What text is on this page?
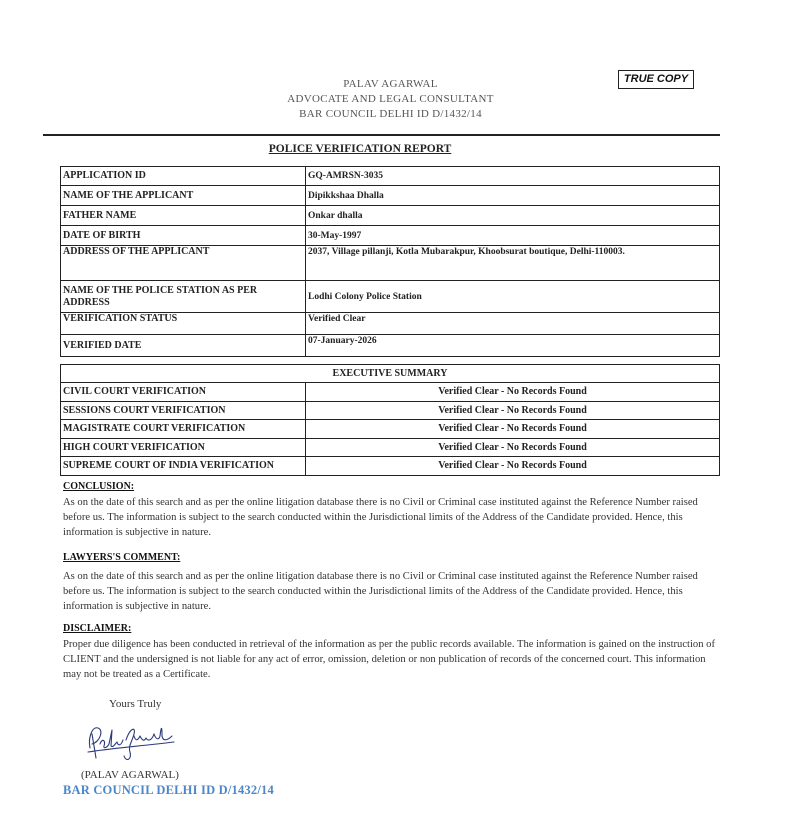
PALAV AGARWAL
ADVOCATE AND LEGAL CONSULTANT
BAR COUNCIL DELHI ID D/1432/14
TRUE COPY
POLICE VERIFICATION REPORT
APPLICATION ID	GQ-AMRSN-3035
NAME OF THE APPLICANT	Dipikkshaa Dhalla
FATHER NAME	Onkar dhalla
DATE OF BIRTH	30-May-1997
ADDRESS OF THE APPLICANT	2037, Village pillanji, Kotla Mubarakpur, Khoobsurat boutique, Delhi-110003.
NAME OF THE POLICE STATION AS PER ADDRESS	Lodhi Colony Police Station
VERIFICATION STATUS	Verified Clear
VERIFIED DATE	07-January-2026
EXECUTIVE SUMMARY	
CIVIL COURT VERIFICATION	Verified Clear - No Records Found
SESSIONS COURT VERIFICATION	Verified Clear - No Records Found
MAGISTRATE COURT VERIFICATION	Verified Clear - No Records Found
HIGH COURT VERIFICATION	Verified Clear - No Records Found
SUPREME COURT OF INDIA VERIFICATION	Verified Clear - No Records Found
CONCLUSION:
As on the date of this search and as per the online litigation database there is no Civil or Criminal case instituted against the Reference Number raised before us. The information is subject to the search conducted within the Jurisdictional limits of the Address of the Candidate provided. Hence, this information is subjective in nature.
LAWYERS'S COMMENT:
As on the date of this search and as per the online litigation database there is no Civil or Criminal case instituted against the Reference Number raised before us. The information is subject to the search conducted within the Jurisdictional limits of the Address of the Candidate provided. Hence, this information is subjective in nature.
DISCLAIMER:
Proper due diligence has been conducted in retrieval of the information as per the public records available. The information is gained on the instruction of CLIENT and the undersigned is not liable for any act of error, omission, deletion or non publication of records of the concerned court. This information may not be treated as a Certificate.
Yours Truly
(PALAV AGARWAL)
BAR COUNCIL DELHI ID D/1432/14
